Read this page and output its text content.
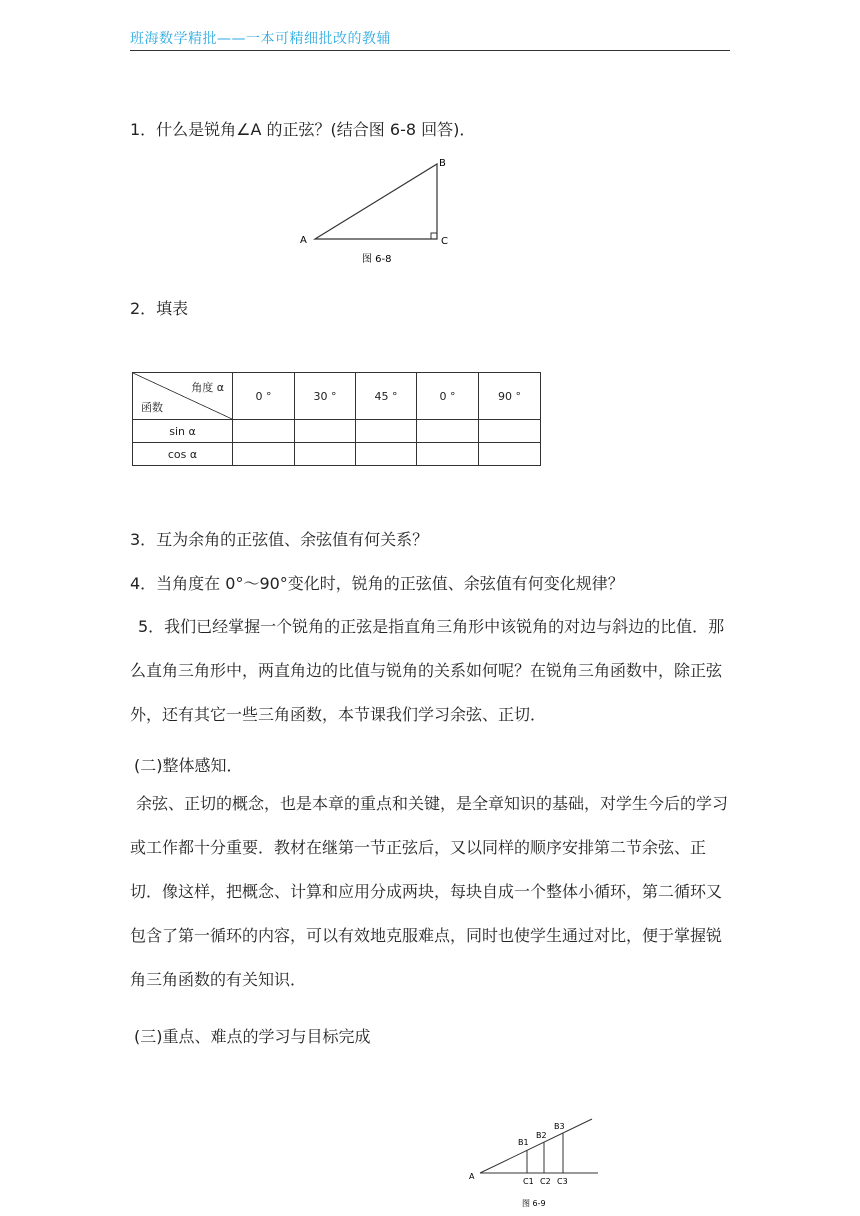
班海数学精批——一本可精细批改的教辅
1．什么是锐角∠A 的正弦？(结合图 6-8 回答)．
A
B
C
图 6-8
2．填表
角度 α
函数	0 °	30 °	45 °	0 °	90 °
sin α					
cos α					
3．互为余角的正弦值、余弦值有何关系？
4．当角度在 0°～90°变化时，锐角的正弦值、余弦值有何变化规律？

5．我们已经掌握一个锐角的正弦是指直角三角形中该锐角的对边与斜边的比值．那么直角三角形中，两直角边的比值与锐角的关系如何呢？在锐角三角函数中，除正弦外，还有其它一些三角函数，本节课我们学习余弦、正切．

(二)整体感知．

余弦、正切的概念，也是本章的重点和关键，是全章知识的基础，对学生今后的学习或工作都十分重要．教材在继第一节正弦后，又以同样的顺序安排第二节余弦、正切．像这样，把概念、计算和应用分成两块，每块自成一个整体小循环，第二循环又包含了第一循环的内容，可以有效地克服难点，同时也使学生通过对比，便于掌握锐角三角函数的有关知识．

(三)重点、难点的学习与目标完成
A
B1
B2
B3
C1 C2 C3
图 6-9
